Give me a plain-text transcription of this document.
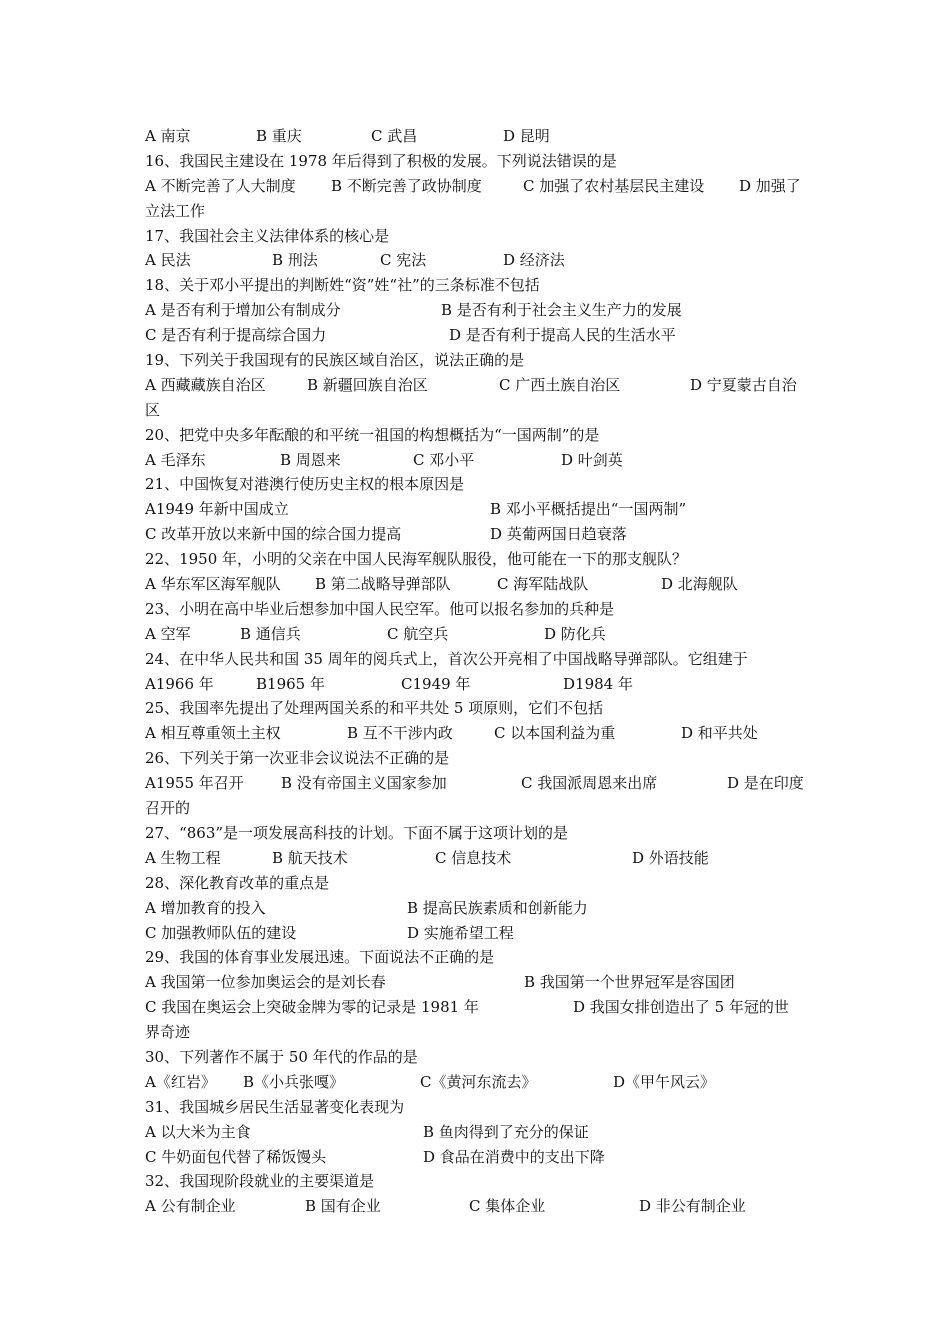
A 南京	B 重庆	C 武昌	D 昆明
16、我国民主建设在 1978 年后得到了积极的发展。下列说法错误的是
A 不断完善了人大制度 B 不断完善了政协制度	C 加强了农村基层民主建设 D 加强了
立法工作
17、我国社会主义法律体系的核心是
A 民法	B 刑法	C 宪法	D 经济法
18、关于邓小平提出的判断姓“资”姓“社”的三条标准不包括
A 是否有利于增加公有制成分	B 是否有利于社会主义生产力的发展
C 是否有利于提高综合国力	D 是否有利于提高人民的生活水平
19、下列关于我国现有的民族区域自治区，说法正确的是
A 西藏藏族自治区	B 新疆回族自治区	C 广西土族自治区	D 宁夏蒙古自治
区
20、把党中央多年酝酿的和平统一祖国的构想概括为“一国两制”的是
A 毛泽东	B 周恩来	C 邓小平	D 叶剑英
21、中国恢复对港澳行使历史主权的根本原因是
A1949 年新中国成立	B 邓小平概括提出“一国两制”
C 改革开放以来新中国的综合国力提高	D 英葡两国日趋衰落
22、1950 年，小明的父亲在中国人民海军舰队服役，他可能在一下的那支舰队？
A 华东军区海军舰队 B 第二战略导弹部队	C 海军陆战队	D 北海舰队
23、小明在高中毕业后想参加中国人民空军。他可以报名参加的兵种是
A 空军	B 通信兵	C 航空兵	D 防化兵
24、在中华人民共和国 35 周年的阅兵式上，首次公开亮相了中国战略导弹部队。它组建于
A1966 年	B1965 年	C1949 年	D1984 年
25、我国率先提出了处理两国关系的和平共处 5 项原则，它们不包括
A 相互尊重领土主权	B 互不干涉内政	C 以本国利益为重	D 和平共处
26、下列关于第一次亚非会议说法不正确的是
A1955 年召开 B 没有帝国主义国家参加	C 我国派周恩来出席	D 是在印度
召开的
27、“863”是一项发展高科技的计划。下面不属于这项计划的是
A 生物工程	B 航天技术	C 信息技术	D 外语技能
28、深化教育改革的重点是
A 增加教育的投入	B 提高民族素质和创新能力
C 加强教师队伍的建设	D 实施希望工程
29、我国的体育事业发展迅速。下面说法不正确的是
A 我国第一位参加奥运会的是刘长春	B 我国第一个世界冠军是容国团
C 我国在奥运会上突破金牌为零的记录是 1981 年	D 我国女排创造出了 5 年冠的世
界奇迹
30、下列著作不属于 50 年代的作品的是
A《红岩》 B《小兵张嘎》	C《黄河东流去》	D《甲午风云》
31、我国城乡居民生活显著变化表现为
A 以大米为主食	B 鱼肉得到了充分的保证
C 牛奶面包代替了稀饭馒头	D 食品在消费中的支出下降
32、我国现阶段就业的主要渠道是
A 公有制企业	B 国有企业	C 集体企业	D 非公有制企业
